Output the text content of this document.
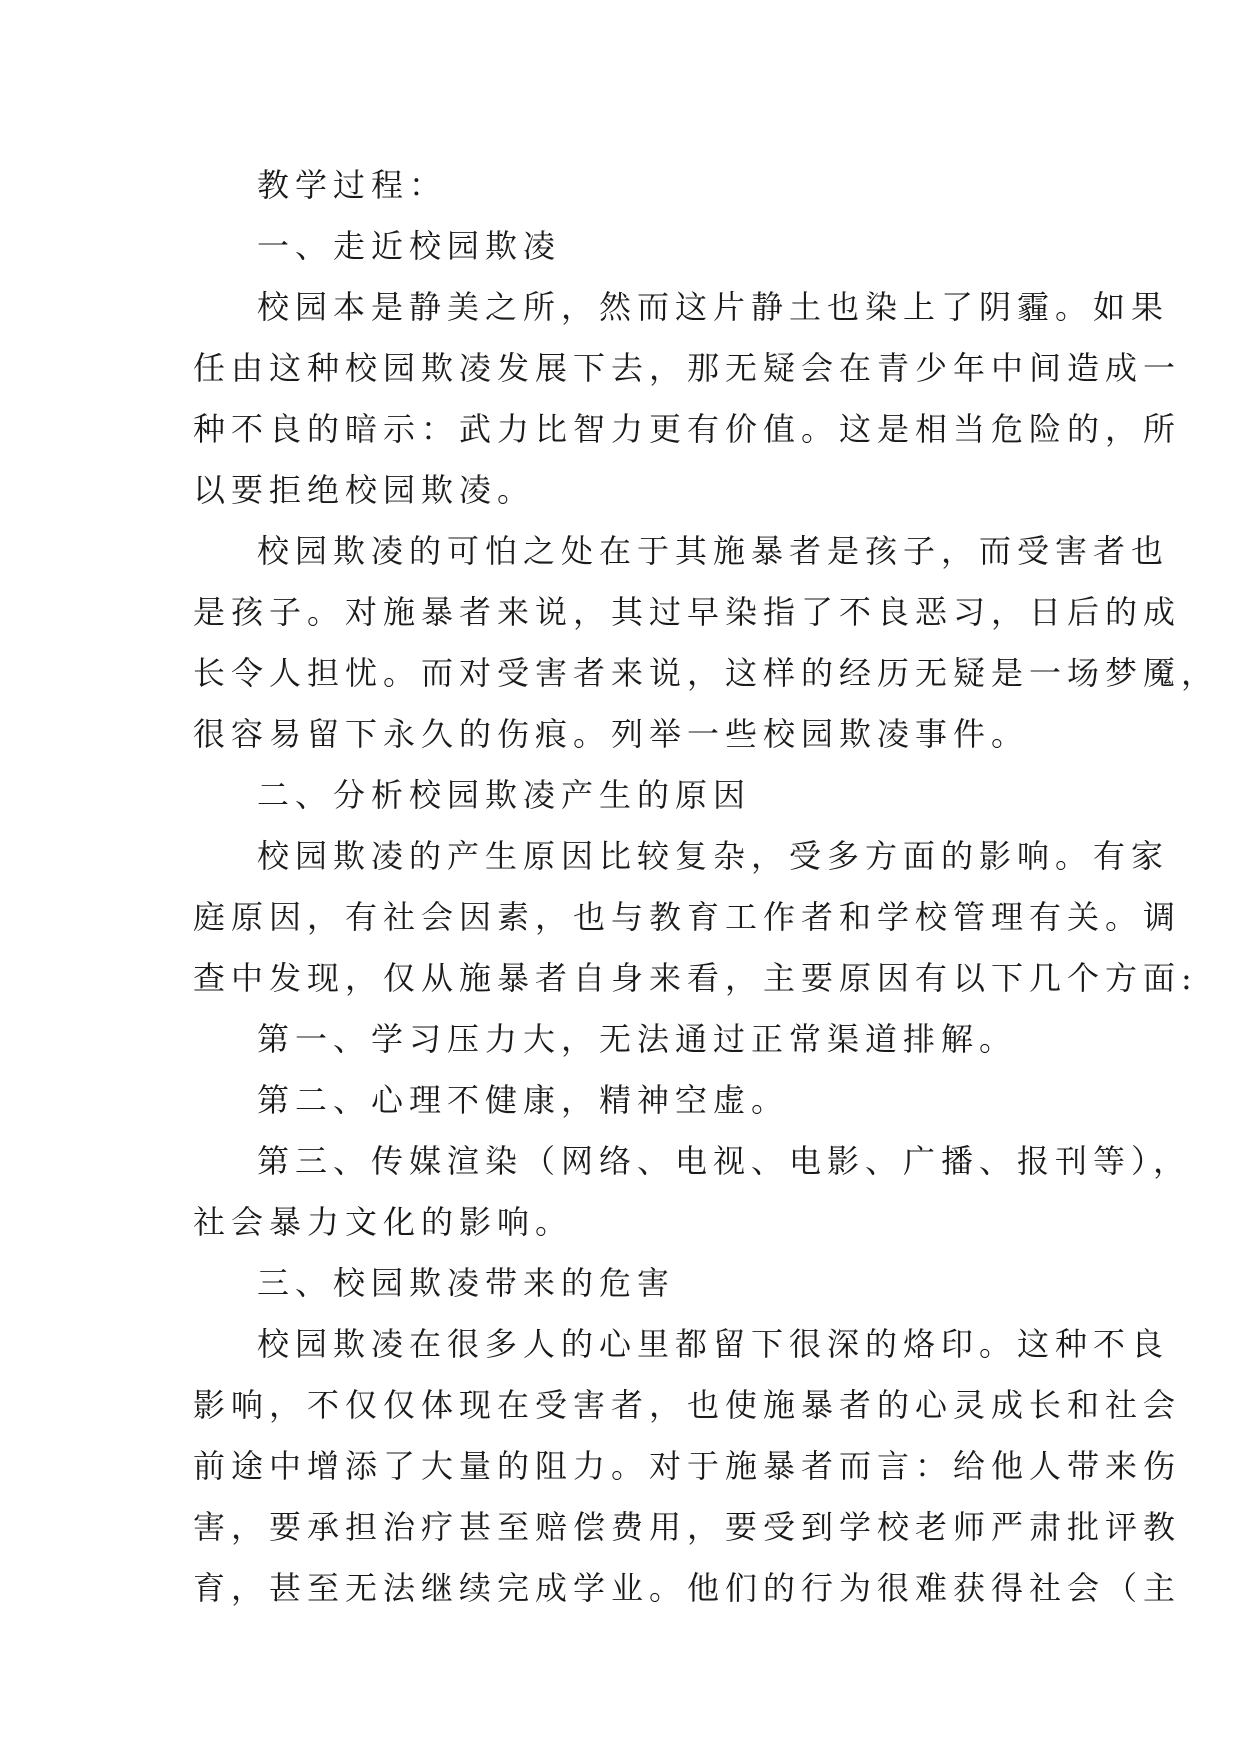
教学过程：
一、走近校园欺凌
校园本是静美之所，然而这片静土也染上了阴霾。如果
任由这种校园欺凌发展下去，那无疑会在青少年中间造成一
种不良的暗示：武力比智力更有价值。这是相当危险的，所
以要拒绝校园欺凌。
校园欺凌的可怕之处在于其施暴者是孩子，而受害者也
是孩子。对施暴者来说，其过早染指了不良恶习，日后的成
长令人担忧。而对受害者来说，这样的经历无疑是一场梦魇，
很容易留下永久的伤痕。列举一些校园欺凌事件。
二、分析校园欺凌产生的原因
校园欺凌的产生原因比较复杂，受多方面的影响。有家
庭原因，有社会因素，也与教育工作者和学校管理有关。调
查中发现，仅从施暴者自身来看，主要原因有以下几个方面:
第一、学习压力大，无法通过正常渠道排解。
第二、心理不健康，精神空虚。
第三、传媒渲染（网络、电视、电影、广播、报刊等），
社会暴力文化的影响。
三、校园欺凌带来的危害
校园欺凌在很多人的心里都留下很深的烙印。这种不良
影响，不仅仅体现在受害者，也使施暴者的心灵成长和社会
前途中增添了大量的阻力。对于施暴者而言：给他人带来伤
害，要承担治疗甚至赔偿费用，要受到学校老师严肃批评教
育，甚至无法继续完成学业。他们的行为很难获得社会（主
